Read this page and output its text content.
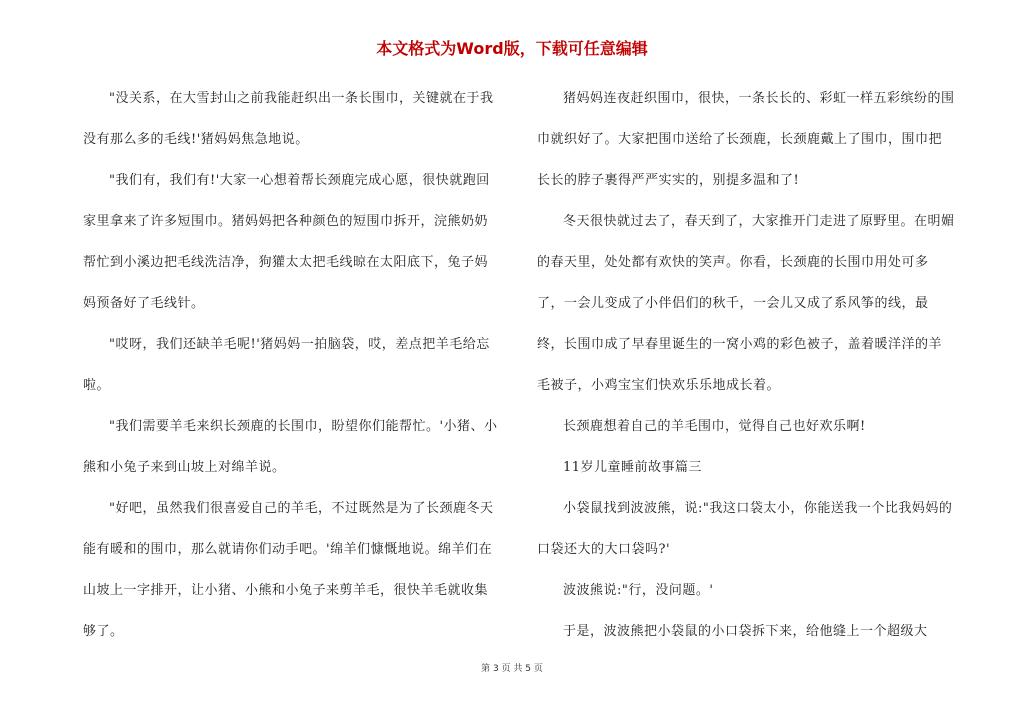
本文格式为Word版，下载可任意编辑

"没关系，在大雪封山之前我能赶织出一条长围巾，关键就在于我没有那么多的毛线!'猪妈妈焦急地说。

"我们有，我们有!'大家一心想着帮长颈鹿完成心愿，很快就跑回家里拿来了许多短围巾。猪妈妈把各种颜色的短围巾拆开，浣熊奶奶帮忙到小溪边把毛线洗洁净，狗獾太太把毛线晾在太阳底下，兔子妈妈预备好了毛线针。

"哎呀，我们还缺羊毛呢!'猪妈妈一拍脑袋，哎，差点把羊毛给忘啦。

"我们需要羊毛来织长颈鹿的长围巾，盼望你们能帮忙。'小猪、小熊和小兔子来到山坡上对绵羊说。

"好吧，虽然我们很喜爱自己的羊毛，不过既然是为了长颈鹿冬天能有暖和的围巾，那么就请你们动手吧。'绵羊们慷慨地说。绵羊们在山坡上一字排开，让小猪、小熊和小兔子来剪羊毛，很快羊毛就收集够了。

猪妈妈连夜赶织围巾，很快，一条长长的、彩虹一样五彩缤纷的围巾就织好了。大家把围巾送给了长颈鹿，长颈鹿戴上了围巾，围巾把长长的脖子裹得严严实实的，别提多温和了!

冬天很快就过去了，春天到了，大家推开门走进了原野里。在明媚的春天里，处处都有欢快的笑声。你看，长颈鹿的长围巾用处可多了，一会儿变成了小伴侣们的秋千，一会儿又成了系风筝的线，最终，长围巾成了早春里诞生的一窝小鸡的彩色被子，盖着暖洋洋的羊毛被子，小鸡宝宝们快欢乐乐地成长着。

长颈鹿想着自己的羊毛围巾，觉得自己也好欢乐啊!

11岁儿童睡前故事篇三

小袋鼠找到波波熊，说:"我这口袋太小，你能送我一个比我妈妈的口袋还大的大口袋吗?'

波波熊说:"行，没问题。'

于是，波波熊把小袋鼠的小口袋拆下来，给他缝上一个超级大

第 3 页 共 5 页
